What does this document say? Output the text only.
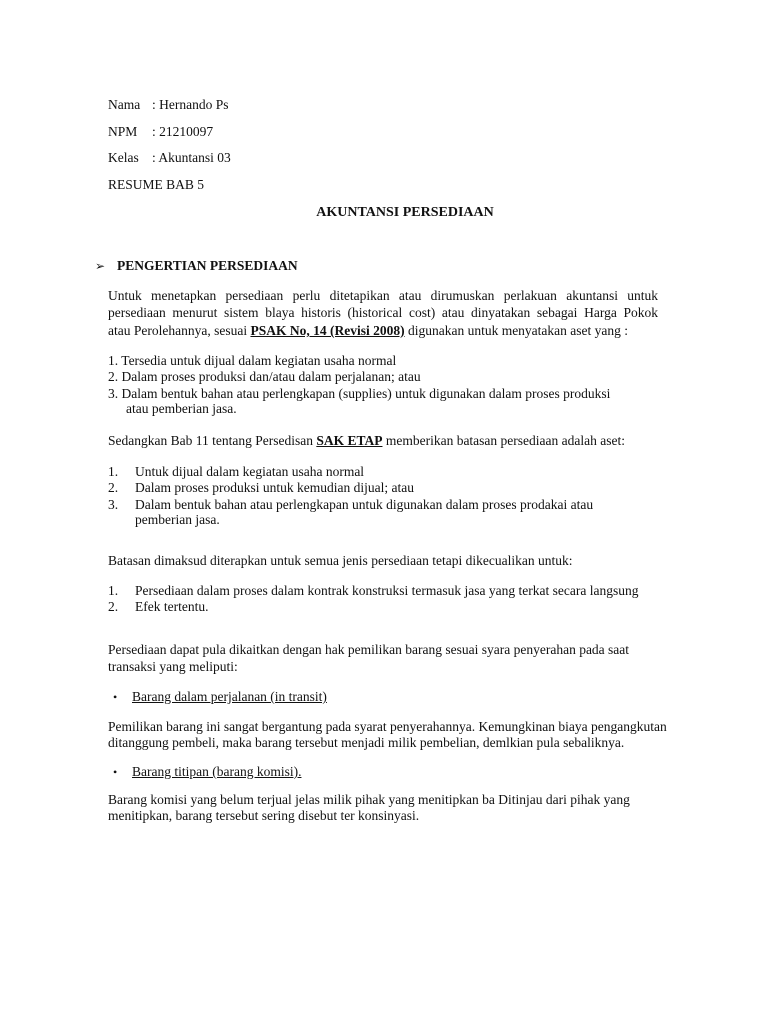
Nama : Hernando Ps
NPM : 21210097
Kelas : Akuntansi 03
RESUME BAB 5
AKUNTANSI PERSEDIAAN
➢ PENGERTIAN PERSEDIAAN
Untuk menetapkan persediaan perlu ditetapikan atau dirumuskan perlakuan akuntansi untuk
persediaan menurut sistem blaya historis (historical cost) atau dinyatakan sebagai Harga Pokok
atau Perolehannya, sesuai PSAK No, 14 (Revisi 2008) digunakan untuk menyatakan aset yang :
1. Tersedia untuk dijual dalam kegiatan usaha normal
2. Dalam proses produksi dan/atau dalam perjalanan; atau
3. Dalam bentuk bahan atau perlengkapan (supplies) untuk digunakan dalam proses produksi
atau pemberian jasa.
Sedangkan Bab 11 tentang Persedisan SAK ETAP memberikan batasan persediaan adalah aset:
1. Untuk dijual dalam kegiatan usaha normal
2. Dalam proses produksi untuk kemudian dijual; atau
3. Dalam bentuk bahan atau perlengkapan untuk digunakan dalam proses prodakai atau
pemberian jasa.
Batasan dimaksud diterapkan untuk semua jenis persediaan tetapi dikecualikan untuk:
1. Persediaan dalam proses dalam kontrak konstruksi termasuk jasa yang terkat secara langsung
2. Efek tertentu.
Persediaan dapat pula dikaitkan dengan hak pemilikan barang sesuai syara penyerahan pada saat
transaksi yang meliputi:
• Barang dalam perjalanan (in transit)
Pemilikan barang ini sangat bergantung pada syarat penyerahannya. Kemungkinan biaya pengangkutan
ditanggung pembeli, maka barang tersebut menjadi milik pembelian, demlkian pula sebaliknya.
• Barang titipan (barang komisi).
Barang komisi yang belum terjual jelas milik pihak yang menitipkan ba Ditinjau dari pihak yang
menitipkan, barang tersebut sering disebut ter konsinyasi.
